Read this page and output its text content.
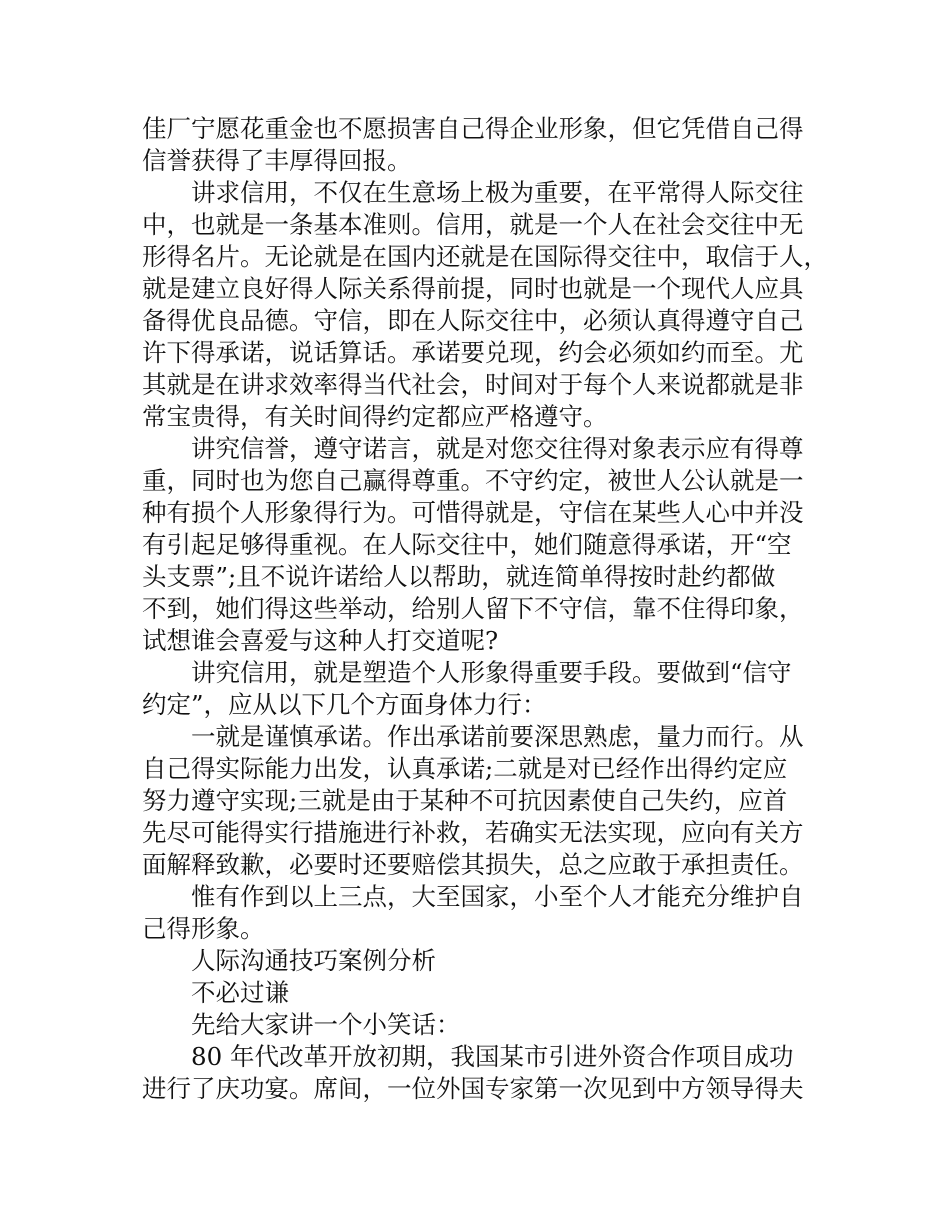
佳厂宁愿花重金也不愿损害自己得企业形象，但它凭借自己得
信誉获得了丰厚得回报。
讲求信用，不仅在生意场上极为重要，在平常得人际交往
中，也就是一条基本准则。信用，就是一个人在社会交往中无
形得名片。无论就是在国内还就是在国际得交往中，取信于人，
就是建立良好得人际关系得前提，同时也就是一个现代人应具
备得优良品德。守信，即在人际交往中，必须认真得遵守自己
许下得承诺，说话算话。承诺要兑现，约会必须如约而至。尤
其就是在讲求效率得当代社会，时间对于每个人来说都就是非
常宝贵得，有关时间得约定都应严格遵守。
讲究信誉，遵守诺言，就是对您交往得对象表示应有得尊
重，同时也为您自己赢得尊重。不守约定，被世人公认就是一
种有损个人形象得行为。可惜得就是，守信在某些人心中并没
有引起足够得重视。在人际交往中，她们随意得承诺，开“空
头支票”;且不说许诺给人以帮助，就连简单得按时赴约都做
不到，她们得这些举动，给别人留下不守信，靠不住得印象，
试想谁会喜爱与这种人打交道呢?
讲究信用，就是塑造个人形象得重要手段。要做到“信守
约定”，应从以下几个方面身体力行：
一就是谨慎承诺。作出承诺前要深思熟虑，量力而行。从
自己得实际能力出发，认真承诺;二就是对已经作出得约定应
努力遵守实现;三就是由于某种不可抗因素使自己失约，应首
先尽可能得实行措施进行补救，若确实无法实现，应向有关方
面解释致歉，必要时还要赔偿其损失，总之应敢于承担责任。
惟有作到以上三点，大至国家，小至个人才能充分维护自
己得形象。
人际沟通技巧案例分析
不必过谦
先给大家讲一个小笑话：
80 年代改革开放初期，我国某市引进外资合作项目成功
进行了庆功宴。席间，一位外国专家第一次见到中方领导得夫
